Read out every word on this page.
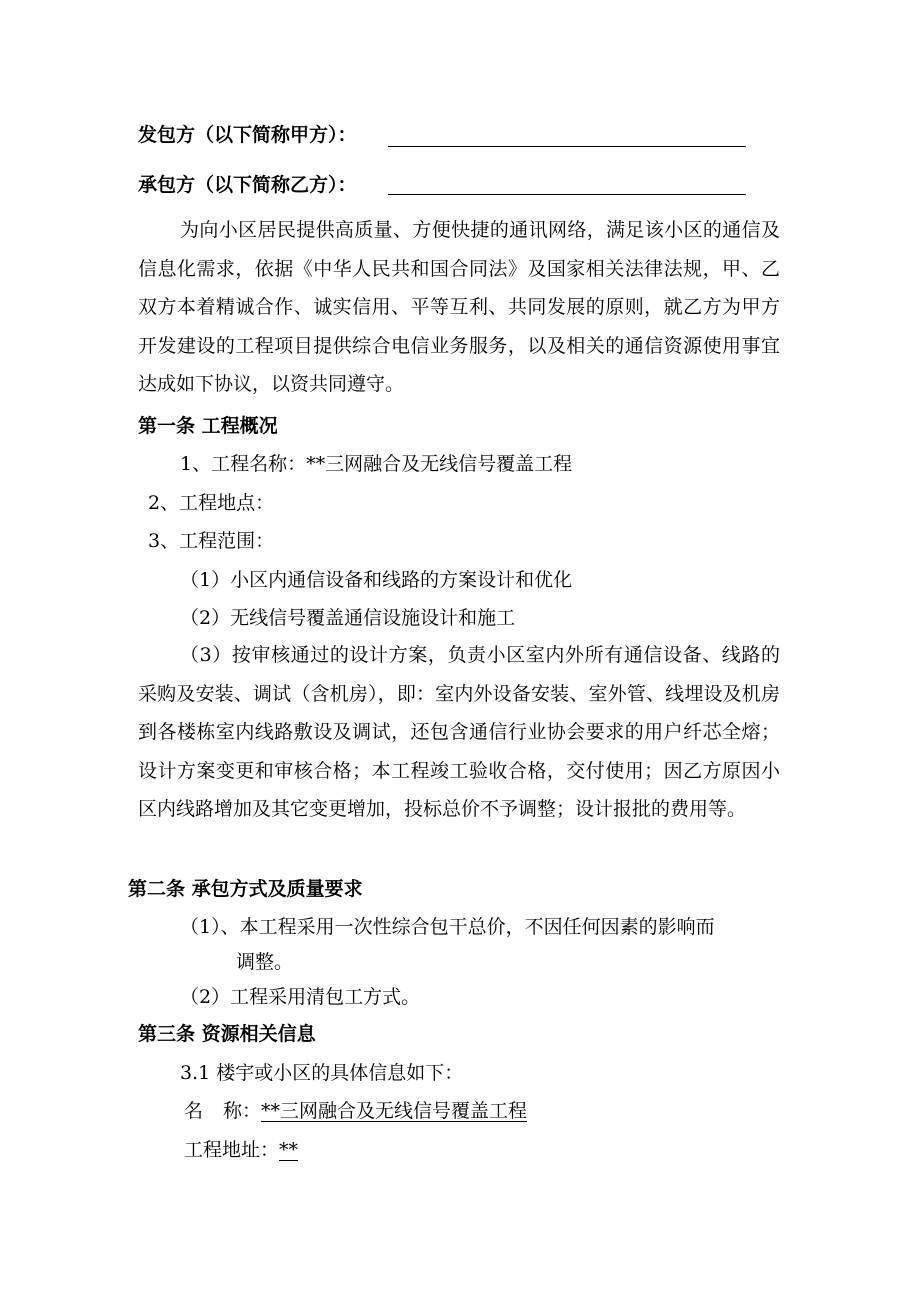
发包方（以下简称甲方）：
承包方（以下简称乙方）：
为向小区居民提供高质量、方便快捷的通讯网络，满足该小区的通信及信息化需求，依据《中华人民共和国合同法》及国家相关法律法规，甲、乙双方本着精诚合作、诚实信用、平等互利、共同发展的原则，就乙方为甲方开发建设的工程项目提供综合电信业务服务，以及相关的通信资源使用事宜达成如下协议，以资共同遵守。
第一条 工程概况
1、工程名称：**三网融合及无线信号覆盖工程
2、工程地点：
3、工程范围：
（1）小区内通信设备和线路的方案设计和优化
（2）无线信号覆盖通信设施设计和施工
（3）按审核通过的设计方案，负责小区室内外所有通信设备、线路的采购及安装、调试（含机房），即：室内外设备安装、室外管、线埋设及机房到各楼栋室内线路敷设及调试，还包含通信行业协会要求的用户纤芯全熔；设计方案变更和审核合格；本工程竣工验收合格，交付使用；因乙方原因小区内线路增加及其它变更增加，投标总价不予调整；设计报批的费用等。
第二条 承包方式及质量要求
（1）、本工程采用一次性综合包干总价，不因任何因素的影响而
调整。
（2）工程采用清包工方式。
第三条 资源相关信息
3.1 楼宇或小区的具体信息如下：
名称：**三网融合及无线信号覆盖工程
工程地址：**
